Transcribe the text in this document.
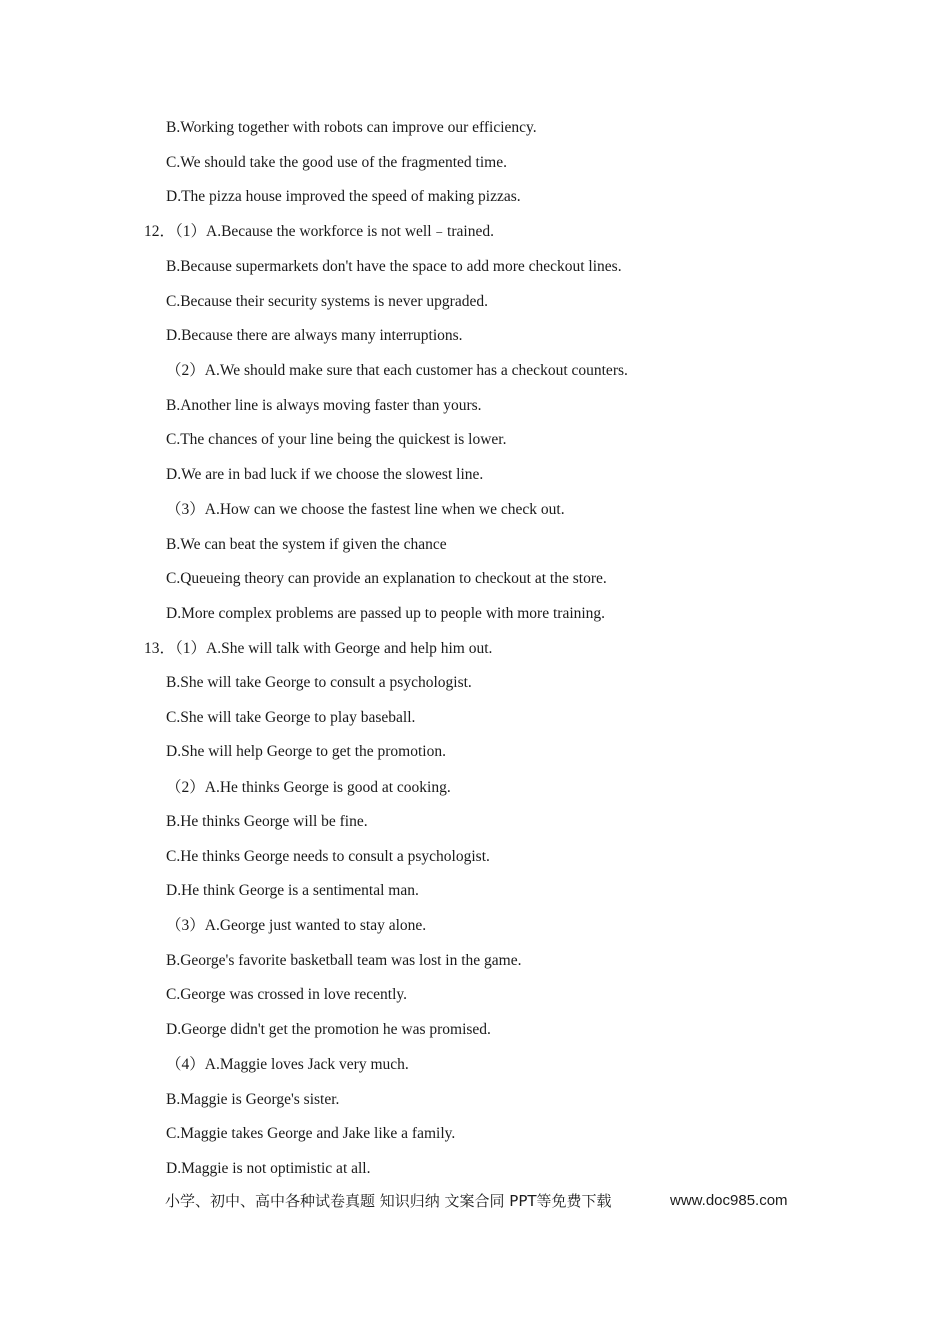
B.Working together with robots can improve our efficiency.
C.We should take the good use of the fragmented time.
D.The pizza house improved the speed of making pizzas.
12．（1）A.Because the workforce is not well﹣trained.
B.Because supermarkets don't have the space to add more checkout lines.
C.Because their security systems is never upgraded.
D.Because there are always many interruptions.
（2）A.We should make sure that each customer has a checkout counters.
B.Another line is always moving faster than yours.
C.The chances of your line being the quickest is lower.
D.We are in bad luck if we choose the slowest line.
（3）A.How can we choose the fastest line when we check out.
B.We can beat the system if given the chance
C.Queueing theory can provide an explanation to checkout at the store.
D.More complex problems are passed up to people with more training.
13．（1）A.She will talk with George and help him out.
B.She will take George to consult a psychologist.
C.She will take George to play baseball.
D.She will help George to get the promotion.
（2）A.He thinks George is good at cooking.
B.He thinks George will be fine.
C.He thinks George needs to consult a psychologist.
D.He think George is a sentimental man.
（3）A.George just wanted to stay alone.
B.George's favorite basketball team was lost in the game.
C.George was crossed in love recently.
D.George didn't get the promotion he was promised.
（4）A.Maggie loves Jack very much.
B.Maggie is George's sister.
C.Maggie takes George and Jake like a family.
D.Maggie is not optimistic at all.
小学、初中、高中各种试卷真题 知识归纳 文案合同 PPT等免费下载	www.doc985.com
